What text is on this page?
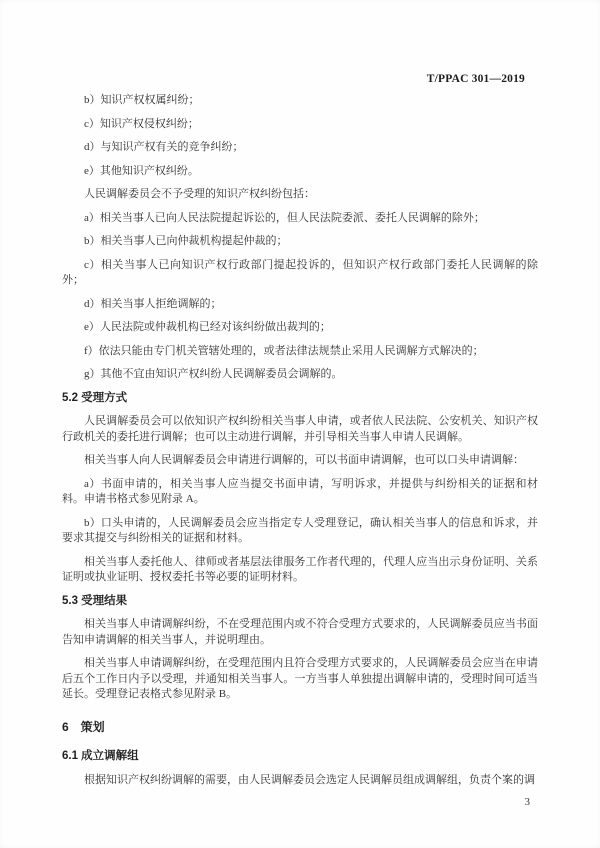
T/PPAC 301—2019
b）知识产权权属纠纷；
c）知识产权侵权纠纷；
d）与知识产权有关的竞争纠纷；
e）其他知识产权纠纷。
人民调解委员会不予受理的知识产权纠纷包括：
a）相关当事人已向人民法院提起诉讼的，但人民法院委派、委托人民调解的除外；
b）相关当事人已向仲裁机构提起仲裁的；
c）相关当事人已向知识产权行政部门提起投诉的，但知识产权行政部门委托人民调解的除外；
d）相关当事人拒绝调解的；
e）人民法院或仲裁机构已经对该纠纷做出裁判的；
f）依法只能由专门机关管辖处理的，或者法律法规禁止采用人民调解方式解决的；
g）其他不宜由知识产权纠纷人民调解委员会调解的。
5.2 受理方式
人民调解委员会可以依知识产权纠纷相关当事人申请，或者依人民法院、公安机关、知识产权行政机关的委托进行调解；也可以主动进行调解，并引导相关当事人申请人民调解。
相关当事人向人民调解委员会申请进行调解的，可以书面申请调解，也可以口头申请调解：
a）书面申请的，相关当事人应当提交书面申请，写明诉求，并提供与纠纷相关的证据和材料。申请书格式参见附录 A。
b）口头申请的，人民调解委员会应当指定专人受理登记，确认相关当事人的信息和诉求，并要求其提交与纠纷相关的证据和材料。
相关当事人委托他人、律师或者基层法律服务工作者代理的，代理人应当出示身份证明、关系证明或执业证明、授权委托书等必要的证明材料。
5.3 受理结果
相关当事人申请调解纠纷，不在受理范围内或不符合受理方式要求的，人民调解委员应当书面告知申请调解的相关当事人，并说明理由。
相关当事人申请调解纠纷，在受理范围内且符合受理方式要求的，人民调解委员会应当在申请后五个工作日内予以受理，并通知相关当事人。一方当事人单独提出调解申请的，受理时间可适当延长。受理登记表格式参见附录 B。
6　策划
6.1 成立调解组
根据知识产权纠纷调解的需要，由人民调解委员会选定人民调解员组成调解组，负责个案的调
3
